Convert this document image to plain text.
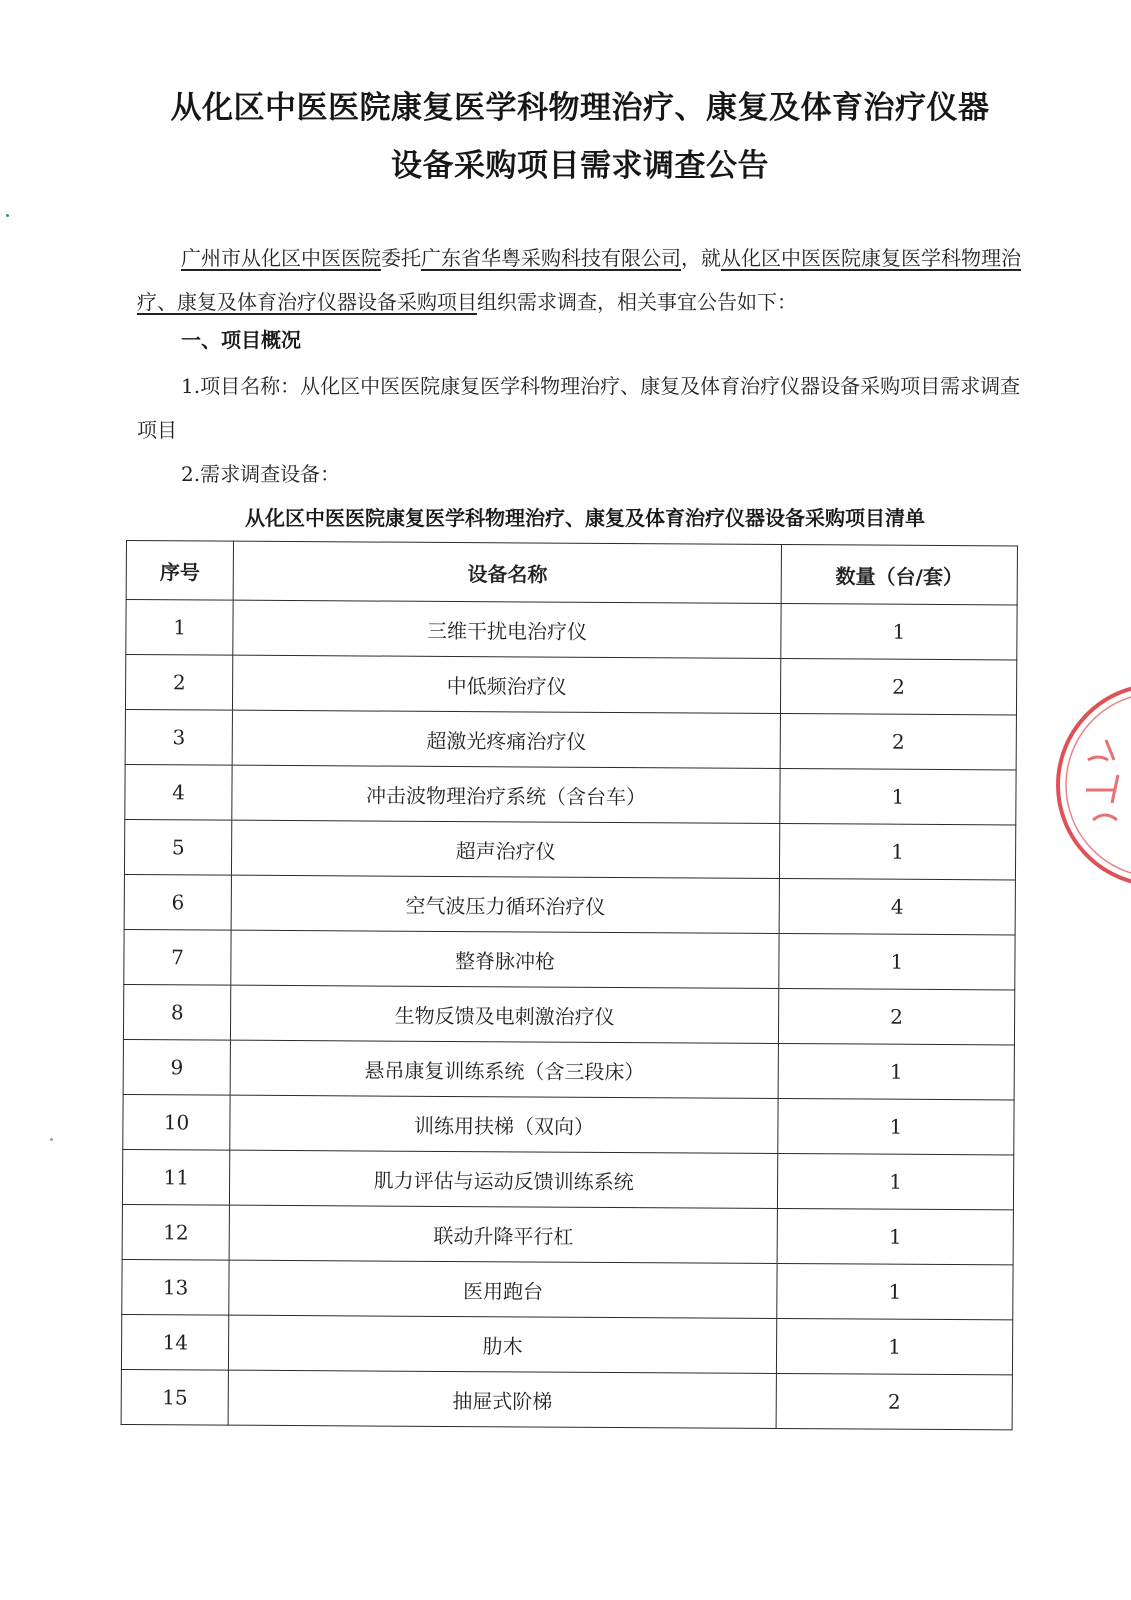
从化区中医医院康复医学科物理治疗、康复及体育治疗仪器
设备采购项目需求调查公告
广州市从化区中医医院委托广东省华粤采购科技有限公司，就从化区中医医院康复医学科物理治疗、康复及体育治疗仪器设备采购项目组织需求调查，相关事宜公告如下：
一、项目概况
1.项目名称：从化区中医医院康复医学科物理治疗、康复及体育治疗仪器设备采购项目需求调查项目
2.需求调查设备：
从化区中医医院康复医学科物理治疗、康复及体育治疗仪器设备采购项目清单
序号	设备名称	数量（台/套）
1	三维干扰电治疗仪	1
2	中低频治疗仪	2
3	超激光疼痛治疗仪	2
4	冲击波物理治疗系统（含台车）	1
5	超声治疗仪	1
6	空气波压力循环治疗仪	4
7	整脊脉冲枪	1
8	生物反馈及电刺激治疗仪	2
9	悬吊康复训练系统（含三段床）	1
10	训练用扶梯（双向）	1
11	肌力评估与运动反馈训练系统	1
12	联动升降平行杠	1
13	医用跑台	1
14	肋木	1
15	抽屉式阶梯	2
